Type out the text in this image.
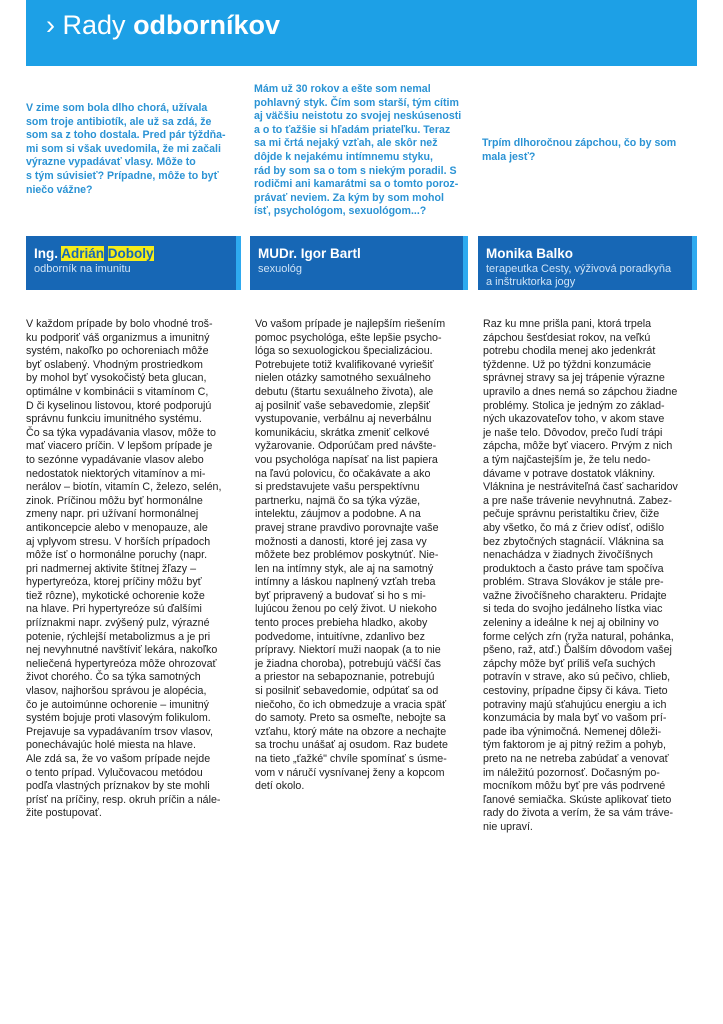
› Rady odborníkov
V zime som bola dlho chorá, užívala
som troje antibiotík, ale už sa zdá, že
som sa z toho dostala. Pred pár týždňa-
mi som si však uvedomila, že mi začali
výrazne vypadávať vlasy. Môže to
s tým súvisieť? Prípadne, môže to byť
niečo vážne?
Mám už 30 rokov a ešte som nemal
pohlavný styk. Čím som starší, tým cítim
aj väčšiu neistotu zo svojej neskúsenosti
a o to ťažšie si hľadám priateľku. Teraz
sa mi črtá nejaký vzťah, ale skôr než
dôjde k nejakému intímnemu styku,
rád by som sa o tom s niekým poradil. S
rodičmi ani kamarátmi sa o tomto poroz-
právať neviem. Za kým by som mohol
ísť, psychológom, sexuológom...?
Trpím dlhoročnou zápchou, čo by som
mala jesť?
Ing. Adrián Doboly
odborník na imunitu
MUDr. Igor Bartl
sexuológ
Monika Balko
terapeutka Cesty, výživová poradkyňa
a inštruktorka jogy
V každom prípade by bolo vhodné troš-
ku podporiť váš organizmus a imunitný
systém, nakoľko po ochoreniach môže
byť oslabený. Vhodným prostriedkom
by mohol byť vysokočistý beta glucan,
optimálne v kombinácii s vitamínom C,
D či kyselinou listovou, ktoré podporujú
správnu funkciu imunitného systému.
Čo sa týka vypadávania vlasov, môže to
mať viacero príčin. V lepšom prípade je
to sezónne vypadávanie vlasov alebo
nedostatok niektorých vitamínov a mi-
nerálov – biotín, vitamín C, železo, selén,
zinok. Príčinou môžu byť hormonálne
zmeny napr. pri užívaní hormonálnej
antikoncepcie alebo v menopauze, ale
aj vplyvom stresu. V horších prípadoch
môže ísť o hormonálne poruchy (napr.
pri nadmernej aktivite štítnej žľazy –
hypertyreóza, ktorej príčiny môžu byť
tiež rôzne), mykotické ochorenie kože
na hlave. Pri hypertyreóze sú ďalšími
prííznakmi napr. zvýšený pulz, výrazné
potenie, rýchlejší metabolizmus a je pri
nej nevyhnutné navštíviť lekára, nakoľko
neliečená hypertyreóza môže ohrozovať
život chorého. Čo sa týka samotných
vlasov, najhoršou správou je alopécia,
čo je autoimúnne ochorenie – imunitný
systém bojuje proti vlasovým folikulom.
Prejavuje sa vypadávaním trsov vlasov,
ponechávajúc holé miesta na hlave.
Ale zdá sa, že vo vašom prípade nejde
o tento prípad. Vylučovacou metódou
podľa vlastných príznakov by ste mohli
prísť na príčiny, resp. okruh príčin a nále-
žite postupovať.
Vo vašom prípade je najlepším riešením
pomoc psychológa, ešte lepšie psycho-
lóga so sexuologickou špecializáciou.
Potrebujete totiž kvalifikované vyriešiť
nielen otázky samotného sexuálneho
debutu (štartu sexuálneho života), ale
aj posilniť vaše sebavedomie, zlepšiť
vystupovanie, verbálnu aj neverbálnu
komunikáciu, skrátka zmeniť celkové
vyžarovanie. Odporúčam pred návšte-
vou psychológa napísať na list papiera
na ľavú polovicu, čo očakávate a ako
si predstavujete vašu perspektívnu
partnerku, najmä čo sa týka výzäe,
intelektu, záujmov a podobne. A na
pravej strane pravdivo porovnajte vaše
možnosti a danosti, ktoré jej zasa vy
môžete bez problémov poskytnúť. Nie-
len na intímny styk, ale aj na samotný
intímny a láskou naplnený vzťah treba
byť pripravený a budovať si ho s mi-
lujúcou ženou po celý život. U niekoho
tento proces prebieha hladko, akoby
podvedome, intuitívne, zdanlivo bez
prípravy. Niektorí muži naopak (a to nie
je žiadna choroba), potrebujú väčší čas
a priestor na sebapoznanie, potrebujú
si posilniť sebavedomie, odpútať sa od
niečoho, čo ich obmedzuje a vracia späť
do samoty. Preto sa osmeľte, nebojte sa
vzťahu, ktorý máte na obzore a nechajte
sa trochu unášať aj osudom. Raz budete
na tieto „ťažké" chvíle spomínať s úsme-
vom v náručí vysnívanej ženy a kopcom
detí okolo.
Raz ku mne prišla pani, ktorá trpela
zápchou šesťdesiat rokov, na veľkú
potrebu chodila menej ako jedenkrát
týždenne. Už po týždni konzumácie
správnej stravy sa jej trápenie výrazne
upravilo a dnes nemá so zápchou žiadne
problémy. Stolica je jedným zo základ-
ných ukazovateľov toho, v akom stave
je naše telo. Dôvodov, prečo ľudí trápi
zápcha, môže byť viacero. Prvým z nich
a tým najčastejším je, že telu nedo-
dávame v potrave dostatok vlákniny.
Vláknina je nestráviteľná časť sacharidov
a pre naše trávenie nevyhnutná. Zabez-
pečuje správnu peristaltiku čriev, čiže
aby všetko, čo má z čriev odísť, odišlo
bez zbytočných stagnácií. Vláknina sa
nenachádza v žiadnych živočíšnych
produktoch a často práve tam spočíva
problém. Strava Slovákov je stále pre-
važne živočíšneho charakteru. Pridajte
si teda do svojho jedálneho lístka viac
zeleniny a ideálne k nej aj obilniny vo
forme celých zŕn (ryža natural, pohánka,
pšeno, raž, atď.) Ďalším dôvodom vašej
zápchy môže byť príliš veľa suchých
potravín v strave, ako sú pečivo, chlieb,
cestoviny, prípadne čipsy či káva. Tieto
potraviny majú sťahujúcu energiu a ich
konzumácia by mala byť vo vašom prí-
pade iba výnimočná. Nemenej dôleži-
tým faktorom je aj pitný režim a pohyb,
preto na ne netreba zabúdať a venovať
im náležitú pozornosť. Dočasným po-
mocníkom môžu byť pre vás podrvené
ľanové semiačka. Skúste aplikovať tieto
rady do života a verím, že sa vám tráve-
nie upraví.
